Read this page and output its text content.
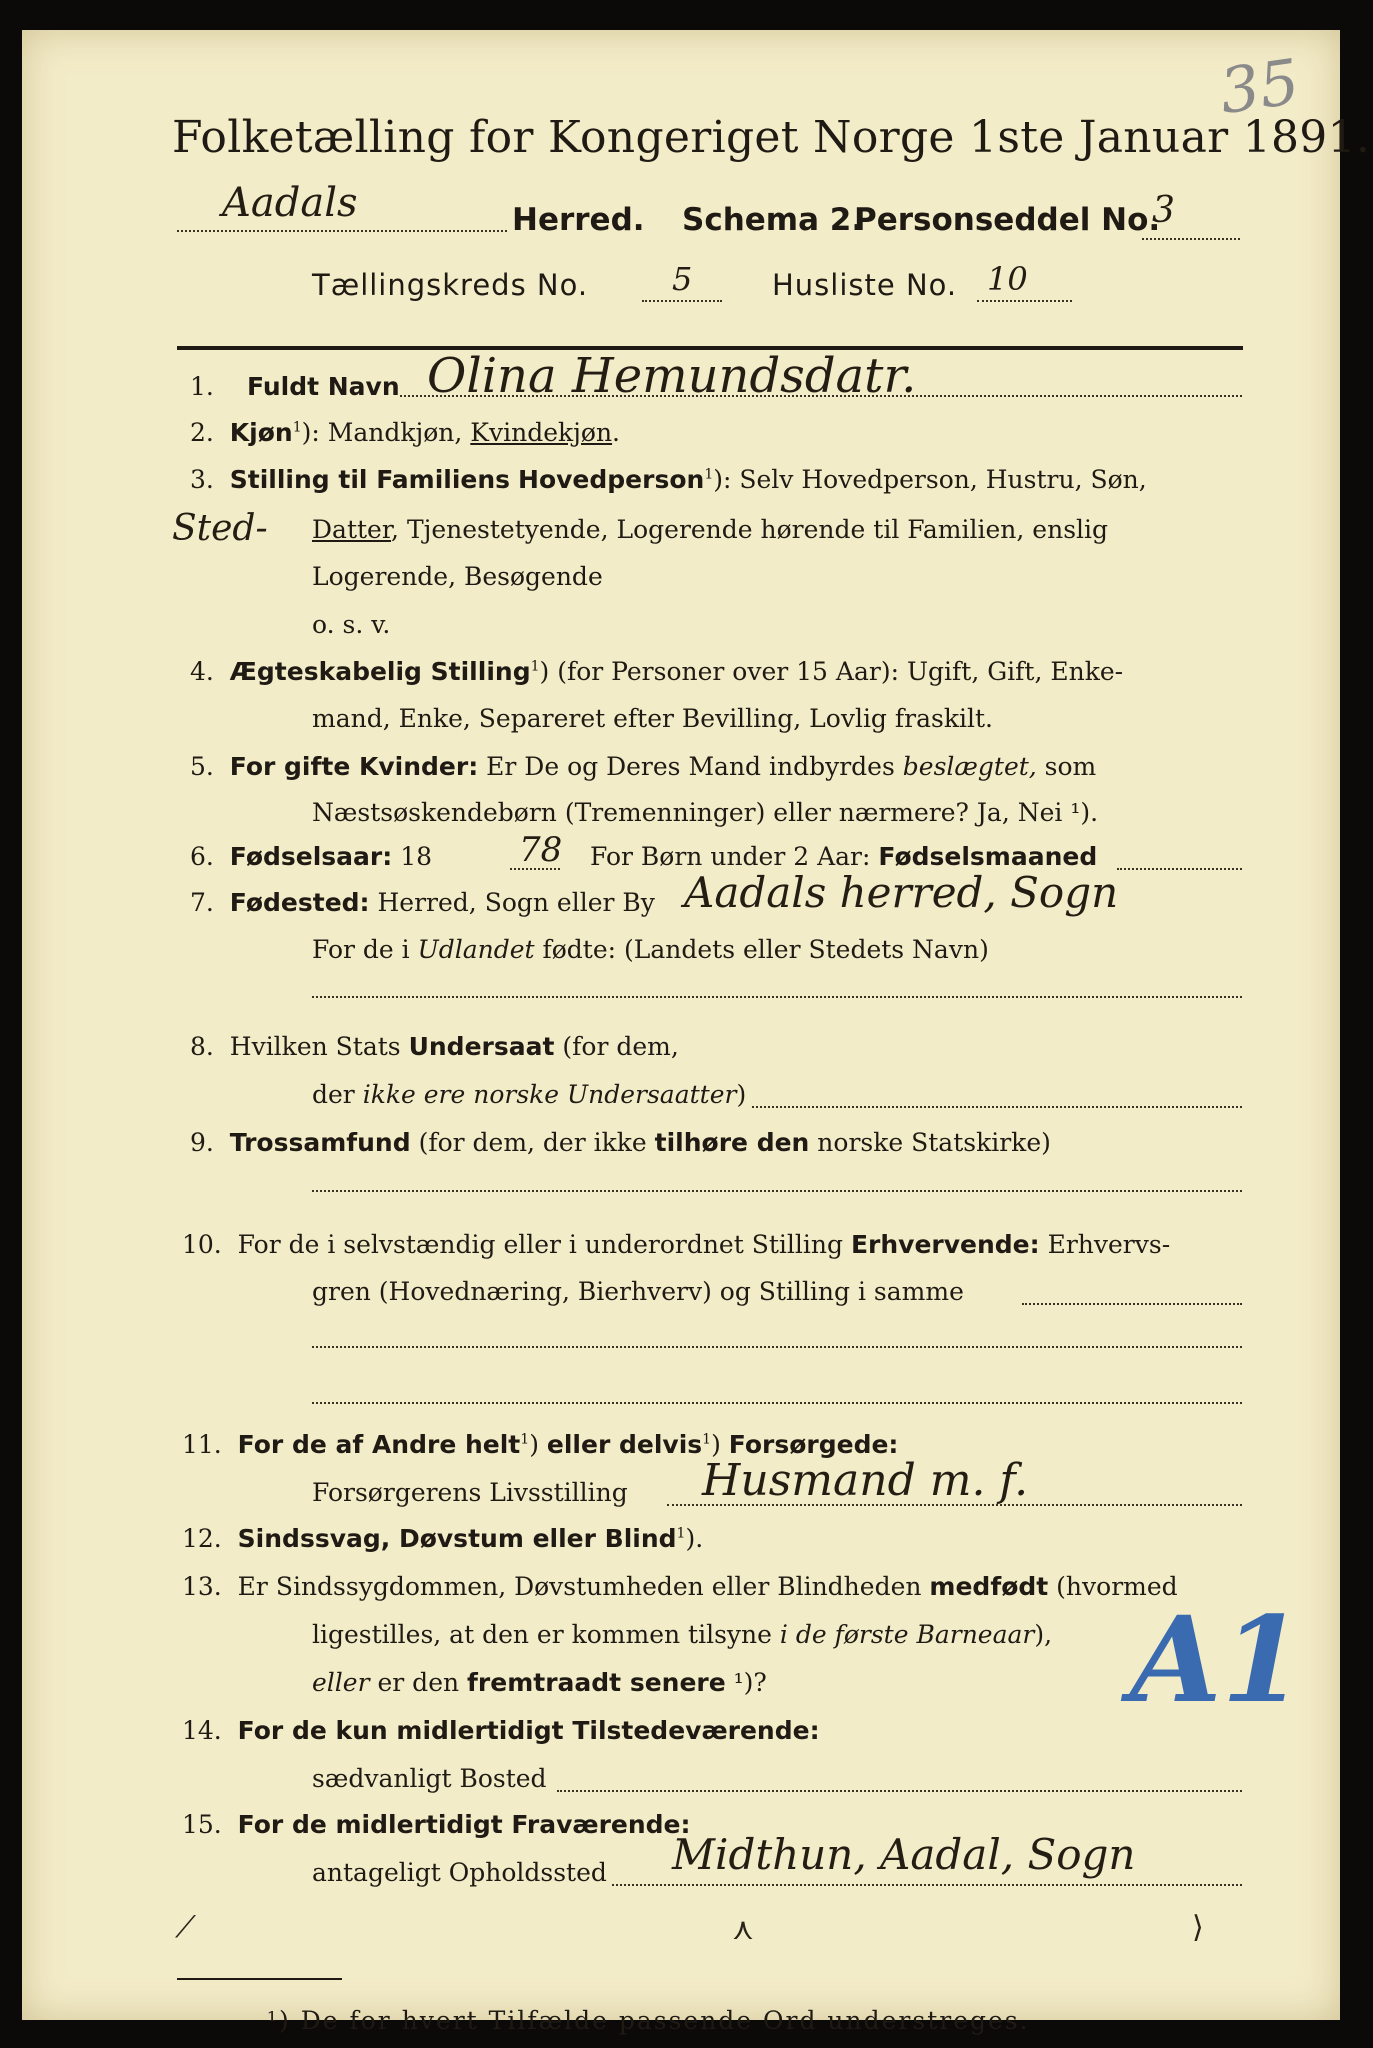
35
Folketælling for Kongeriget Norge 1ste Januar 1891.
Aadals	Herred. Schema 2.
Personseddel No.
3
Tællingskreds No.	5	Husliste No. 10
1. Fuldt Navn Olina Hemundsdatr.
2. Kjøn$^1$): Mandkjøn, Kvindekjøn.
3. Stilling til Familiens Hovedperson$^1$): Selv Hovedperson, Hustru, Søn,
Sted- Datter, Tjenestetyende, Logerende hørende til Familien, enslig
Logerende, Besøgende
o. s. v.
4. Ægteskabelig Stilling$^1$) (for Personer over 15 Aar): Ugift, Gift, Enke-
mand, Enke, Separeret efter Bevilling, Lovlig fraskilt.
5. For gifte Kvinder: Er De og Deres Mand indbyrdes beslægtet, som
Næstsøskendebørn (Tremenninger) eller nærmere? Ja, Nei ¹).
6. Fødselsaar: 18	78 For Børn under 2 Aar: Fødselsmaaned
7. Fødested: Herred, Sogn eller By Aadals herred, Sogn
For de i Udlandet fødte: (Landets eller Stedets Navn)
8. Hvilken Stats Undersaat (for dem,
der ikke ere norske Undersaatter)
9. Trossamfund (for dem, der ikke tilhøre den norske Statskirke)
10. For de i selvstændig eller i underordnet Stilling Erhvervende: Erhvervs-
gren (Hovednæring, Bierhverv) og Stilling i samme
11. For de af Andre helt$^1$) eller delvis$^1$) Forsørgede:
Forsørgerens Livsstilling Husmand m. f.
12. Sindssvag, Døvstum eller Blind$^1$).
13. Er Sindssygdommen, Døvstumheden eller Blindheden medfødt (hvormed
ligestilles, at den er kommen tilsyne i de første Barneaar),
eller er den fremtraadt senere ¹)?
14. For de kun midlertidigt Tilstedeværende:
sædvanligt Bosted
A1
15. For de midlertidigt Fraværende:
antageligt Opholdssted Midthun, Aadal, Sogn
¹) De for hvert Tilfælde passende Ord understreges.
⟋	⋏	⟩
